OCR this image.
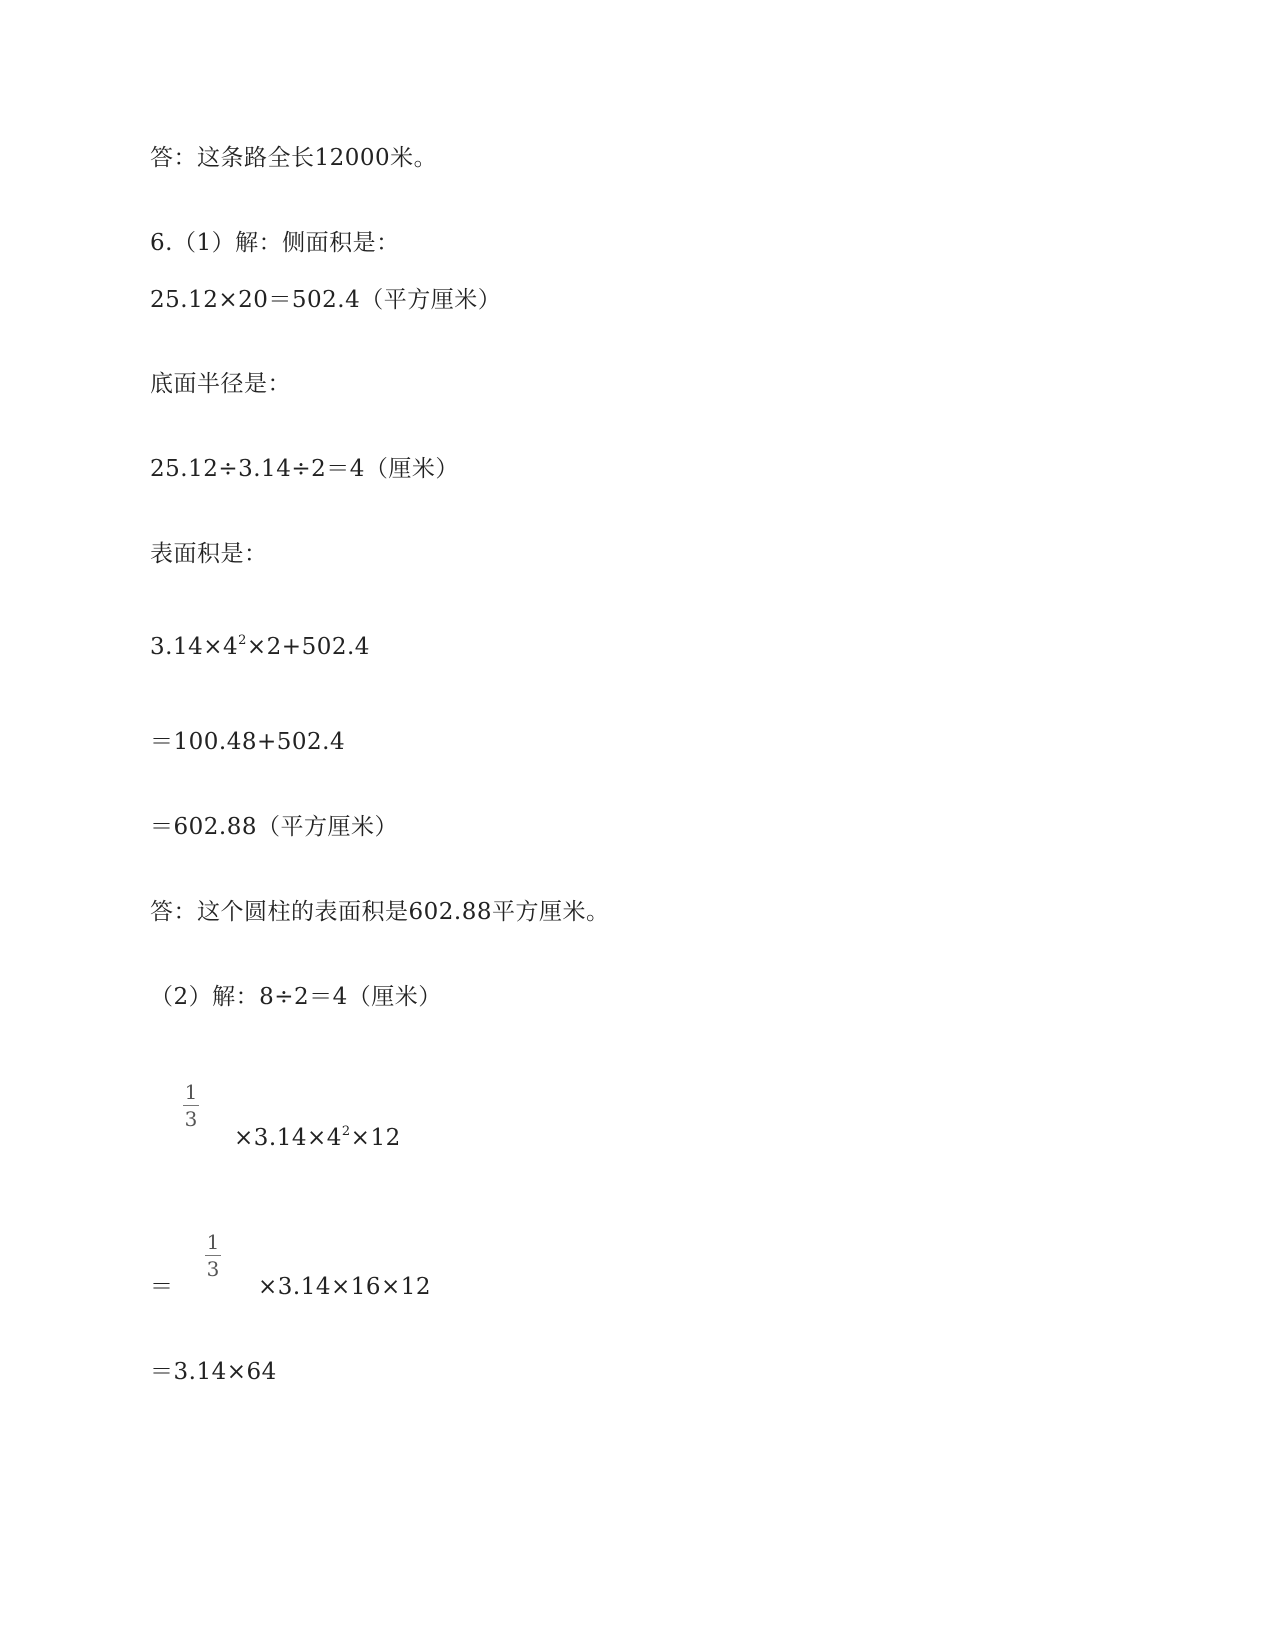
答：这条路全长12000米。
6.（1）解：侧面积是：
25.12×20＝502.4（平方厘米）
底面半径是：
25.12÷3.14÷2＝4（厘米）
表面积是：
$3.14\times 4^2\times 2+502.4$
＝100.48+502.4
＝602.88（平方厘米）
答：这个圆柱的表面积是602.88平方厘米。
（2）解：8÷2＝4（厘米）
1
3
$\times 3.14\times 4^2\times 12$
＝
1
3
×3.14×16×12
＝3.14×64
